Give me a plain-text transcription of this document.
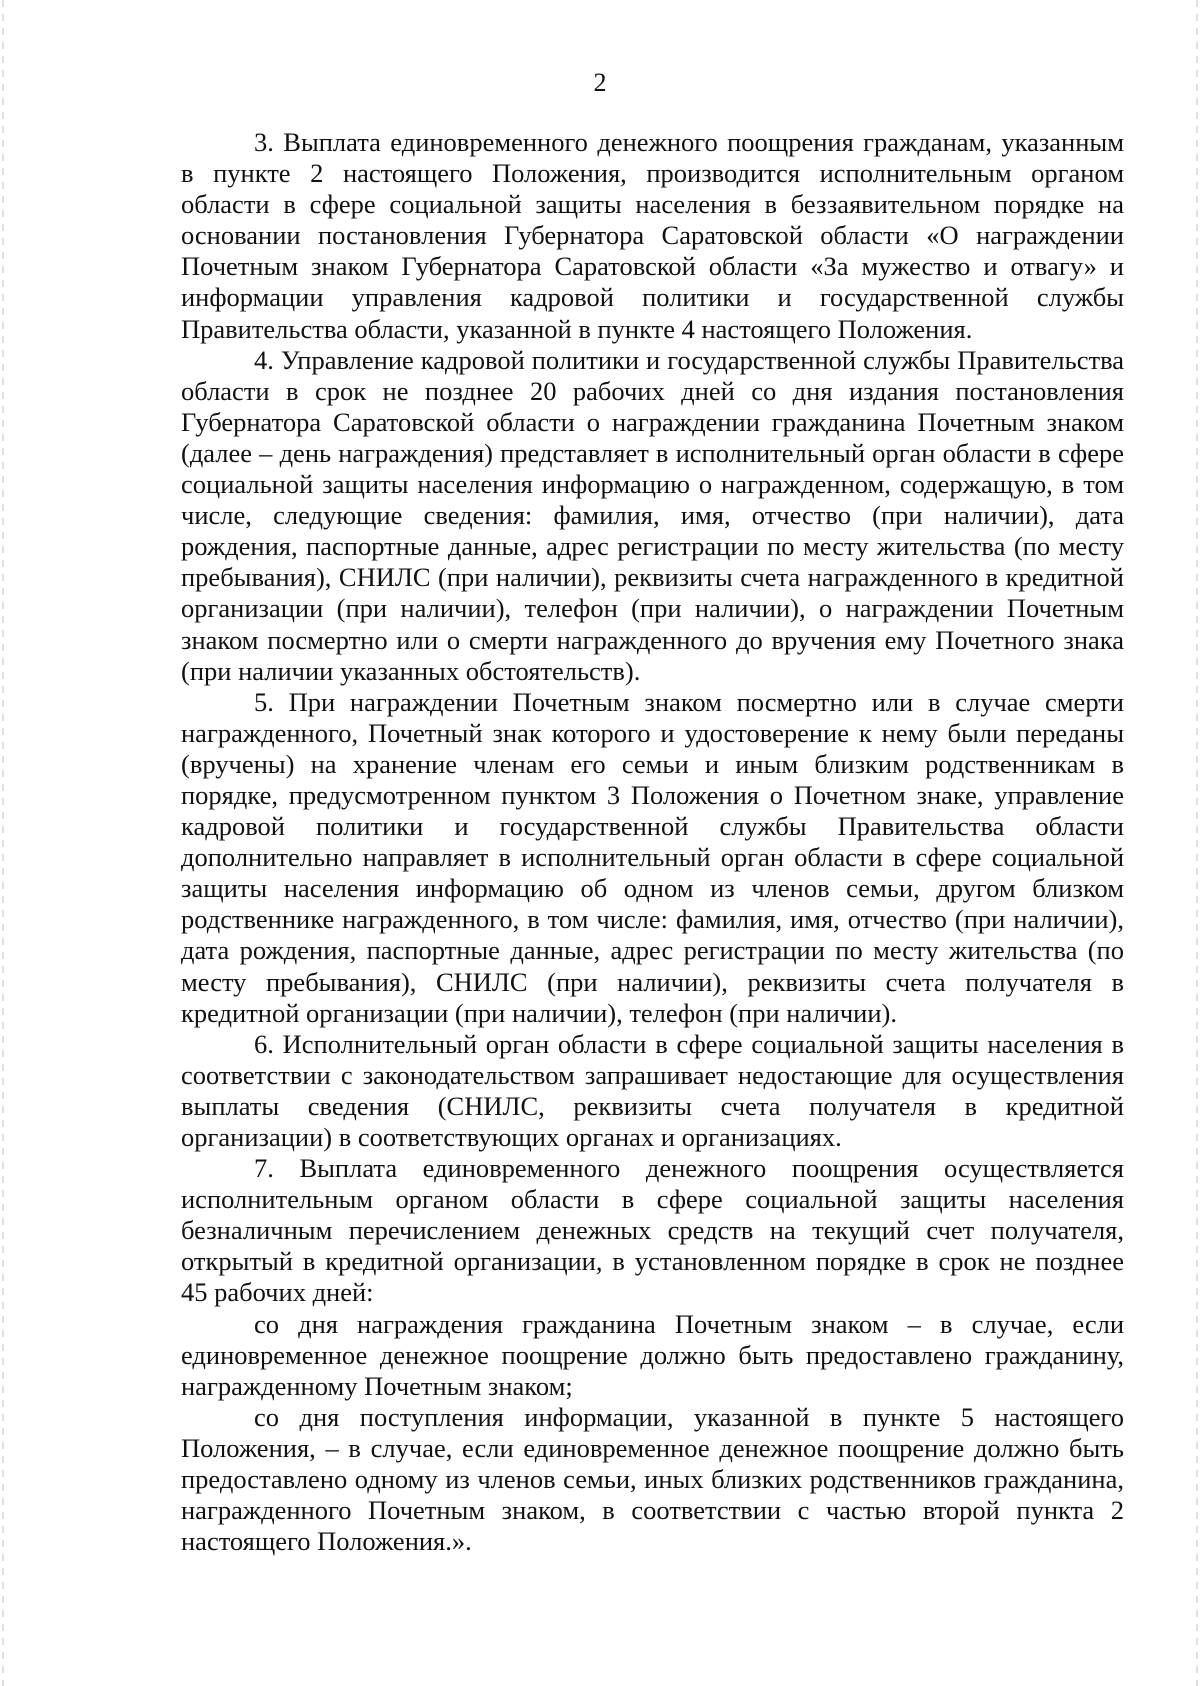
2

3. Выплата единовременного денежного поощрения гражданам, указанным в пункте 2 настоящего Положения, производится исполнительным органом области в сфере социальной защиты населения в беззаявительном порядке на основании постановления Губернатора Саратовской области «О награждении Почетным знаком Губернатора Саратовской области «За мужество и отвагу» и информации управления кадровой политики и государственной службы Правительства области, указанной в пункте 4 настоящего Положения.

4. Управление кадровой политики и государственной службы Правительства области в срок не позднее 20 рабочих дней со дня издания постановления Губернатора Саратовской области о награждении гражданина Почетным знаком (далее – день награждения) представляет в исполнительный орган области в сфере социальной защиты населения информацию о награжденном, содержащую, в том числе, следующие сведения: фамилия, имя, отчество (при наличии), дата рождения, паспортные данные, адрес регистрации по месту жительства (по месту пребывания), СНИЛС (при наличии), реквизиты счета награжденного в кредитной организации (при наличии), телефон (при наличии), о награждении Почетным знаком посмертно или о смерти награжденного до вручения ему Почетного знака (при наличии указанных обстоятельств).

5. При награждении Почетным знаком посмертно или в случае смерти награжденного, Почетный знак которого и удостоверение к нему были переданы (вручены) на хранение членам его семьи и иным близким родственникам в порядке, предусмотренном пунктом 3 Положения о Почетном знаке, управление кадровой политики и государственной службы Правительства области дополнительно направляет в исполнительный орган области в сфере социальной защиты населения информацию об одном из членов семьи, другом близком родственнике награжденного, в том числе: фамилия, имя, отчество (при наличии), дата рождения, паспортные данные, адрес регистрации по месту жительства (по месту пребывания), СНИЛС (при наличии), реквизиты счета получателя в кредитной организации (при наличии), телефон (при наличии).

6. Исполнительный орган области в сфере социальной защиты населения в соответствии с законодательством запрашивает недостающие для осуществления выплаты сведения (СНИЛС, реквизиты счета получателя в кредитной организации) в соответствующих органах и организациях.

7. Выплата единовременного денежного поощрения осуществляется исполнительным органом области в сфере социальной защиты населения безналичным перечислением денежных средств на текущий счет получателя, открытый в кредитной организации, в установленном порядке в срок не позднее 45 рабочих дней:

со дня награждения гражданина Почетным знаком – в случае, если единовременное денежное поощрение должно быть предоставлено гражданину, награжденному Почетным знаком;

со дня поступления информации, указанной в пункте 5 настоящего Положения, – в случае, если единовременное денежное поощрение должно быть предоставлено одному из членов семьи, иных близких родственников гражданина, награжденного Почетным знаком, в соответствии с частью второй пункта 2 настоящего Положения.».
